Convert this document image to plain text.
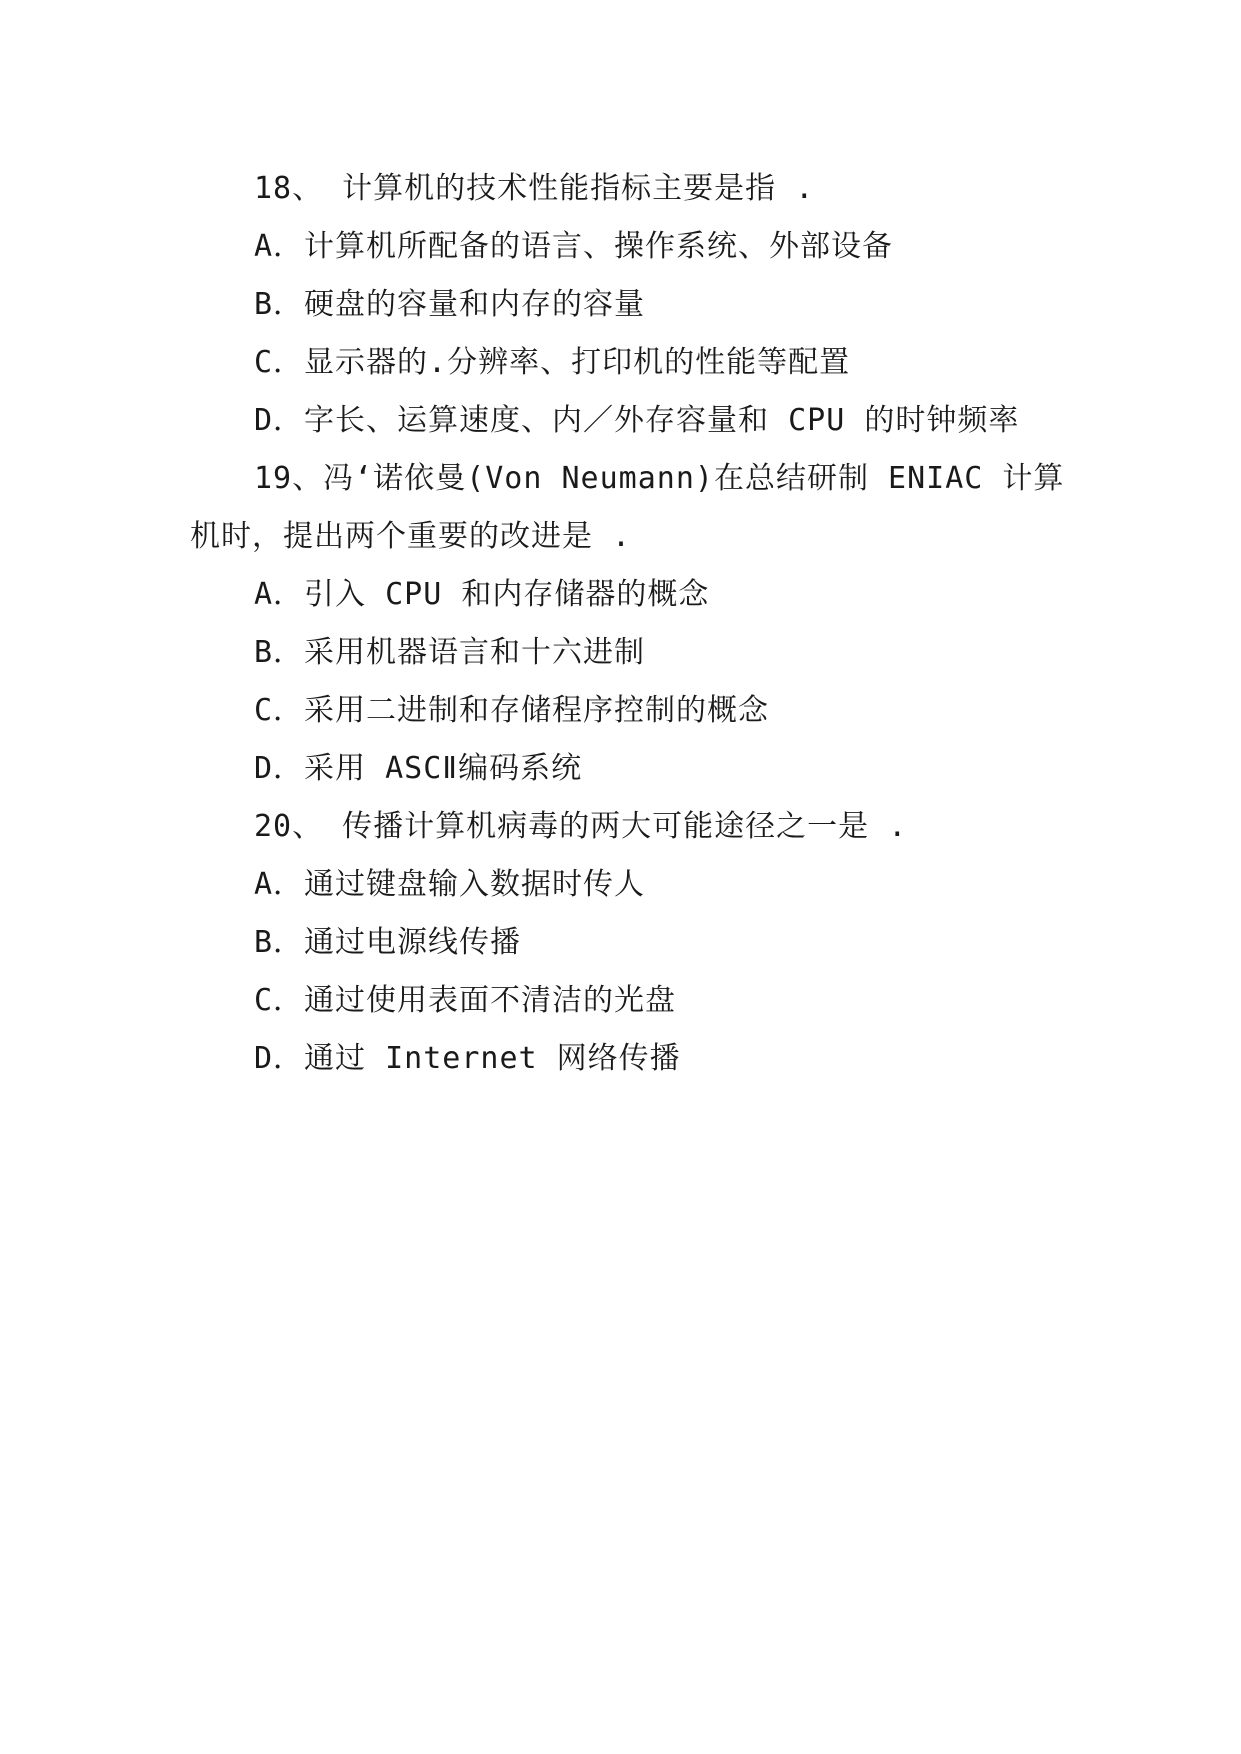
18、 计算机的技术性能指标主要是指 .
A．计算机所配备的语言、操作系统、外部设备
B．硬盘的容量和内存的容量
C．显示器的.分辨率、打印机的性能等配置
D．字长、运算速度、内／外存容量和 CPU 的时钟频率
19、冯‘诺依曼(Von Neumann)在总结研制 ENIAC 计算
机时，提出两个重要的改进是 .
A．引入 CPU 和内存储器的概念
B．采用机器语言和十六进制
C．采用二进制和存储程序控制的概念
D．采用 ASCⅡ编码系统
20、 传播计算机病毒的两大可能途径之一是 .
A．通过键盘输入数据时传人
B．通过电源线传播
C．通过使用表面不清洁的光盘
D．通过 Internet 网络传播
